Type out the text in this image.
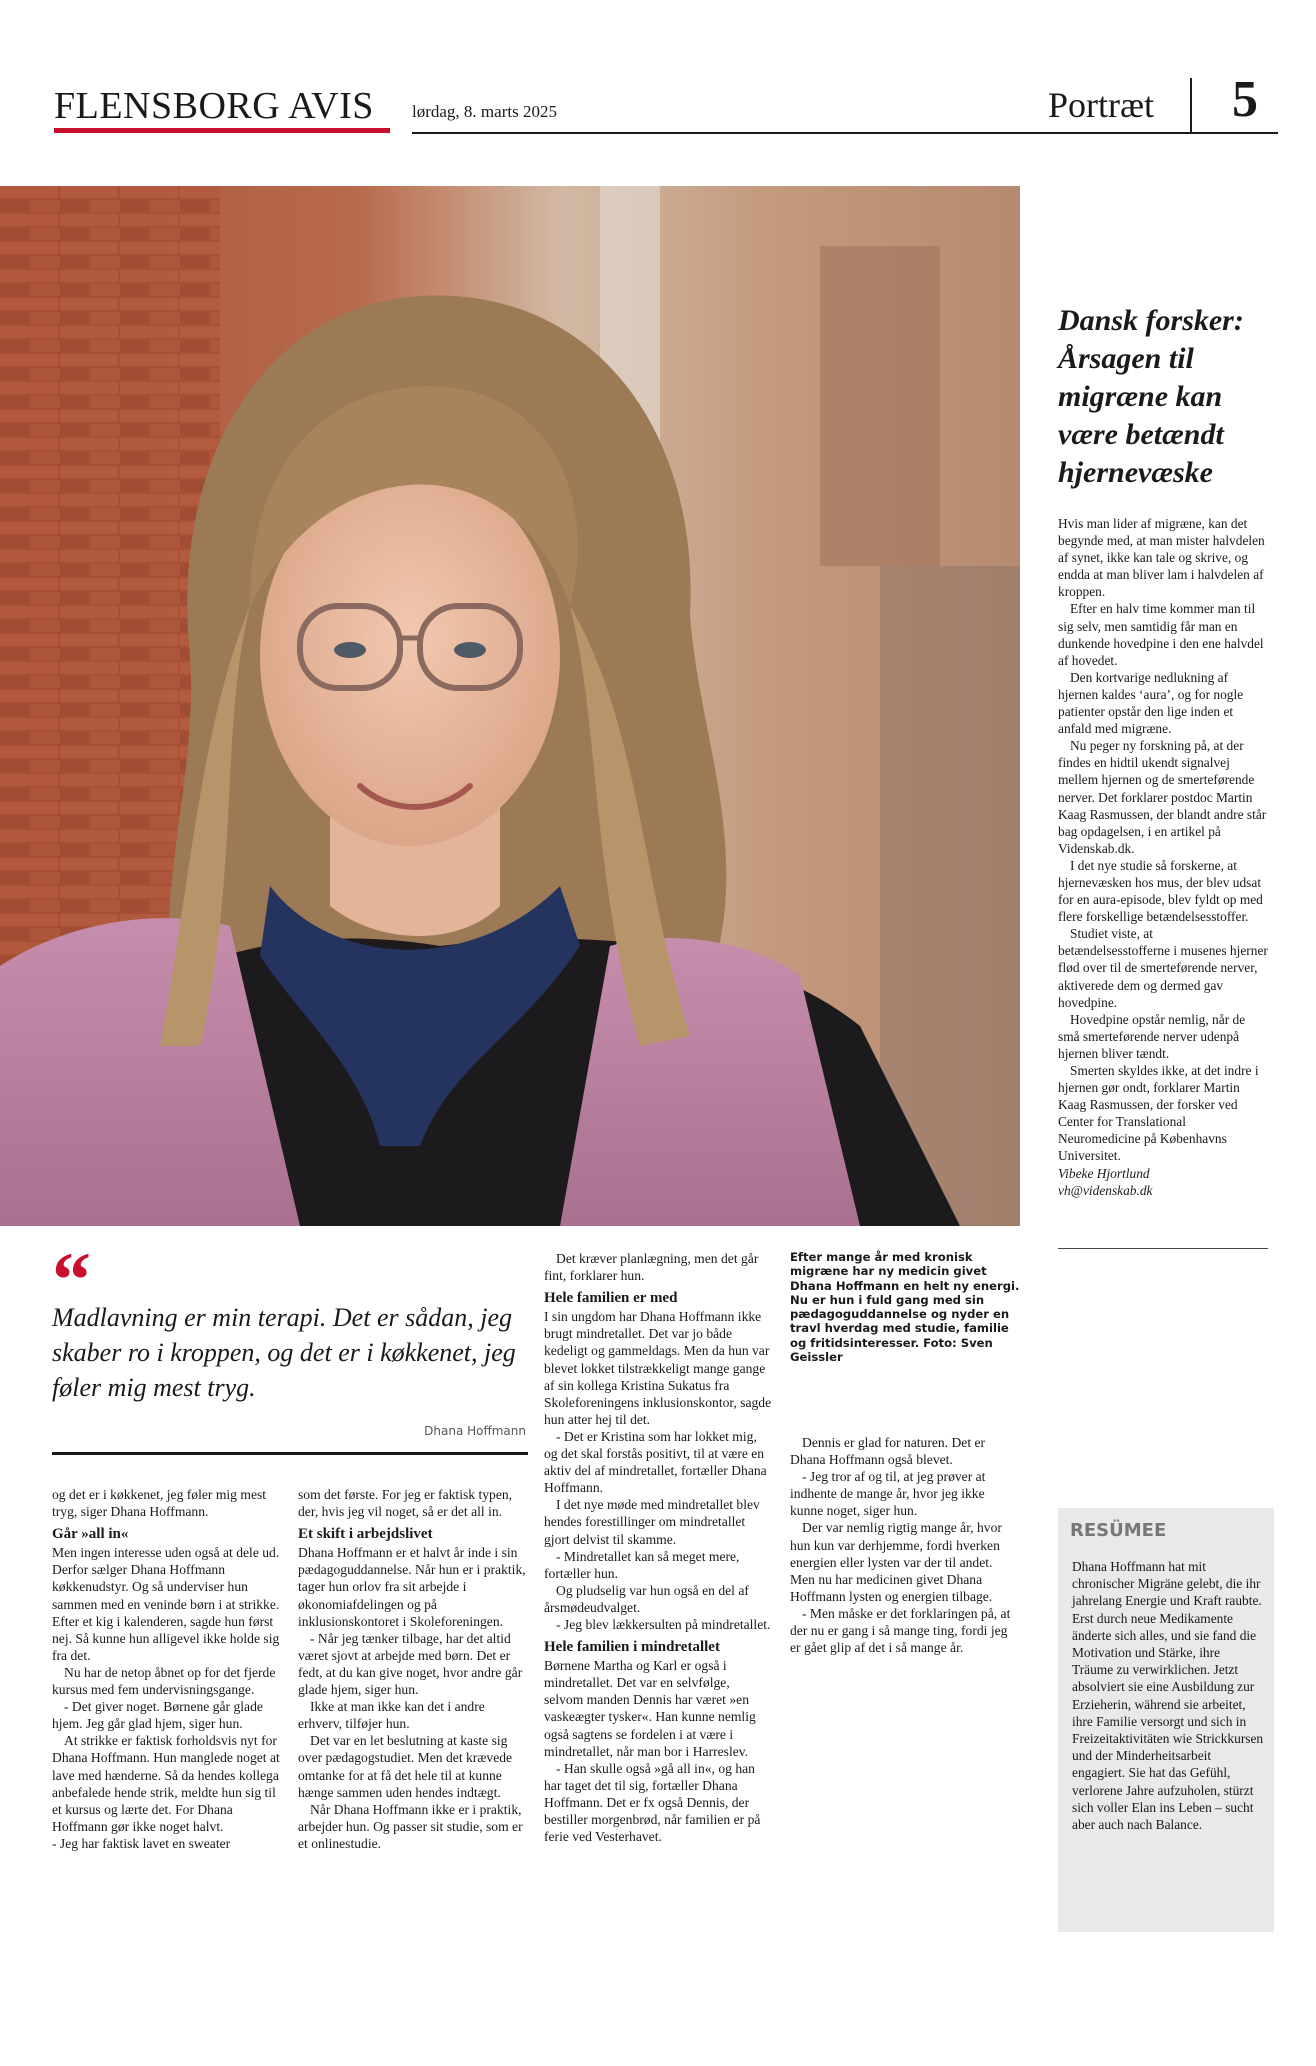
FLENSBORG AVIS lørdag, 8. marts 2025	Portræt 5
Dansk forsker: Årsagen til migræne kan være betændt hjernevæske

Hvis man lider af migræne, kan det begynde med, at man mister halvdelen af synet, ikke kan tale og skrive, og endda at man bliver lam i halvdelen af kroppen.

Efter en halv time kommer man til sig selv, men samtidig får man en dunkende hovedpine i den ene halvdel af hovedet.

Den kortvarige nedlukning af hjernen kaldes ‘aura’, og for nogle patienter opstår den lige inden et anfald med migræne.

Nu peger ny forskning på, at der findes en hidtil ukendt signalvej mellem hjernen og de smerteførende nerver. Det forklarer postdoc Martin Kaag Rasmussen, der blandt andre står bag opdagelsen, i en artikel på Videnskab.dk.

I det nye studie så forskerne, at hjernevæsken hos mus, der blev udsat for en aura-episode, blev fyldt op med flere forskellige betændelsesstoffer.

Studiet viste, at betændelsesstofferne i musenes hjerner flød over til de smerteførende nerver, aktiverede dem og dermed gav hovedpine.

Hovedpine opstår nemlig, når de små smerteførende nerver udenpå hjernen bliver tændt.

Smerten skyldes ikke, at det indre i hjernen gør ondt, forklarer Martin Kaag Rasmussen, der forsker ved Center for Translational Neuromedicine på Københavns Universitet.

Vibeke Hjortlund

vh@videnskab.dk

“
Madlavning er min terapi. Det er sådan, jeg skaber ro i kroppen, og det er i køkkenet, jeg føler mig mest tryg.
Dhana Hoffmann

og det er i køkkenet, jeg føler mig mest tryg, siger Dhana Hoffmann.

Går »all in«

Men ingen interesse uden også at dele ud. Derfor sælger Dhana Hoffmann køkkenudstyr. Og så underviser hun sammen med en veninde børn i at strikke. Efter et kig i kalenderen, sagde hun først nej. Så kunne hun alligevel ikke holde sig fra det.

Nu har de netop åbnet op for det fjerde kursus med fem undervisningsgange.

- Det giver noget. Børnene går glade hjem. Jeg går glad hjem, siger hun.

At strikke er faktisk forholdsvis nyt for Dhana Hoffmann. Hun manglede noget at lave med hænderne. Så da hendes kollega anbefalede hende strik, meldte hun sig til et kursus og lærte det. For Dhana Hoffmann gør ikke noget halvt.

- Jeg har faktisk lavet en sweater

som det første. For jeg er faktisk typen, der, hvis jeg vil noget, så er det all in.

Et skift i arbejdslivet

Dhana Hoffmann er et halvt år inde i sin pædagoguddannelse. Når hun er i praktik, tager hun orlov fra sit arbejde i økonomiafdelingen og på inklusionskontoret i Skoleforeningen.

- Når jeg tænker tilbage, har det altid været sjovt at arbejde med børn. Det er fedt, at du kan give noget, hvor andre går glade hjem, siger hun.

Ikke at man ikke kan det i andre erhverv, tilføjer hun.

Det var en let beslutning at kaste sig over pædagogstudiet. Men det krævede omtanke for at få det hele til at kunne hænge sammen uden hendes indtægt.

Når Dhana Hoffmann ikke er i praktik, arbejder hun. Og passer sit studie, som er et onlinestudie.

Det kræver planlægning, men det går fint, forklarer hun.

Hele familien er med

I sin ungdom har Dhana Hoffmann ikke brugt mindretallet. Det var jo både kedeligt og gammeldags. Men da hun var blevet lokket tilstrækkeligt mange gange af sin kollega Kristina Sukatus fra Skoleforeningens inklusionskontor, sagde hun atter hej til det.

- Det er Kristina som har lokket mig, og det skal forstås positivt, til at være en aktiv del af mindretallet, fortæller Dhana Hoffmann.

I det nye møde med mindretallet blev hendes forestillinger om mindretallet gjort delvist til skamme.

- Mindretallet kan så meget mere, fortæller hun.

Og pludselig var hun også en del af årsmødeudvalget.

- Jeg blev lækkersulten på mindretallet.

Hele familien i mindretallet

Børnene Martha og Karl er også i mindretallet. Det var en selvfølge, selvom manden Dennis har været »en vaskeægter tysker«. Han kunne nemlig også sagtens se fordelen i at være i mindretallet, når man bor i Harreslev.

- Han skulle også »gå all in«, og han har taget det til sig, fortæller Dhana Hoffmann. Det er fx også Dennis, der bestiller morgenbrød, når familien er på ferie ved Vesterhavet.

Efter mange år med kronisk migræne har ny medicin givet Dhana Hoffmann en helt ny energi. Nu er hun i fuld gang med sin pædagoguddannelse og nyder en travl hverdag med studie, familie og fritidsinteresser. Foto: Sven Geissler

Dennis er glad for naturen. Det er Dhana Hoffmann også blevet.

- Jeg tror af og til, at jeg prøver at indhente de mange år, hvor jeg ikke kunne noget, siger hun.

Der var nemlig rigtig mange år, hvor hun kun var derhjemme, fordi hverken energien eller lysten var der til andet. Men nu har medicinen givet Dhana Hoffmann lysten og energien tilbage.

- Men måske er det forklaringen på, at der nu er gang i så mange ting, fordi jeg er gået glip af det i så mange år.

RESÜMEE
Dhana Hoffmann hat mit chronischer Migräne gelebt, die ihr jahrelang Energie und Kraft raubte. Erst durch neue Medikamente änderte sich alles, und sie fand die Motivation und Stärke, ihre Träume zu verwirklichen. Jetzt absolviert sie eine Ausbildung zur Erzieherin, während sie arbeitet, ihre Familie versorgt und sich in Freizeitaktivitäten wie Strickkursen und der Minderheitsarbeit engagiert. Sie hat das Gefühl, verlorene Jahre aufzuholen, stürzt sich voller Elan ins Leben – sucht aber auch nach Balance.
